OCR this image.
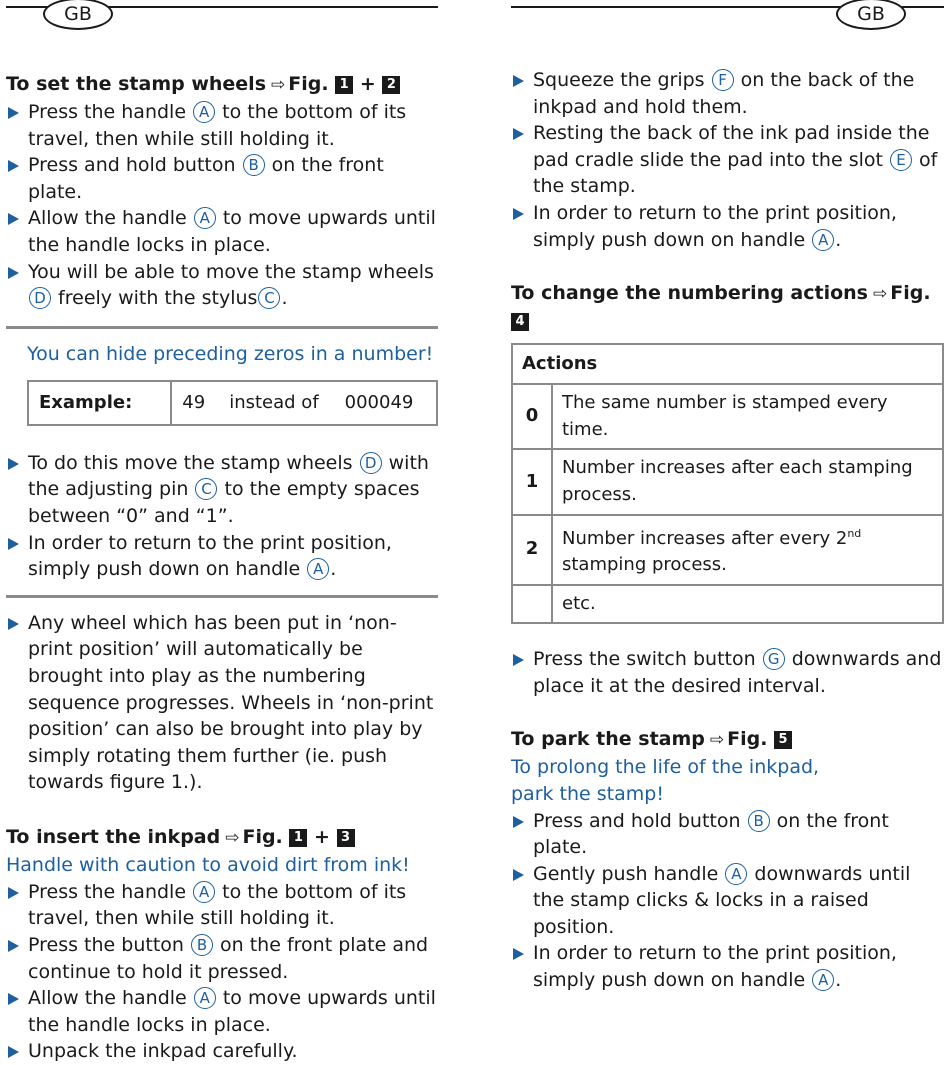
GB	GB

To set the stamp wheels ⇨ Fig. 1 + 2

Press the handle A to the bottom of its travel, then while still holding it.
Press and hold button B on the front plate.
Allow the handle A to move upwards until the handle locks in place.
You will be able to move the stamp wheels D freely with the stylus C .

You can hide preceding zeros in a number!

Example:	49 instead of 000049
To do this move the stamp wheels D with the adjusting pin C to the empty spaces between “0” and “1”.
In order to return to the print position, simply push down on handle A .
Any wheel which has been put in ‘non-print position’ will automatically be brought into play as the numbering sequence progresses. Wheels in ‘non-print position’ can also be brought into play by simply rotating them further (ie. push towards figure 1.).

To insert the inkpad ⇨ Fig. 1 + 3

Handle with caution to avoid dirt from ink!

Press the handle A to the bottom of its travel, then while still holding it.
Press the button B on the front plate and continue to hold it pressed.
Allow the handle A to move upwards until the handle locks in place.
Unpack the inkpad carefully.
Squeeze the grips F on the back of the inkpad and hold them.
Resting the back of the ink pad inside the pad cradle slide the pad into the slot E of the stamp.
In order to return to the print position, simply push down on handle A .

To change the numbering actions ⇨ Fig. 4

Actions	
0	The same number is stamped every time.
1	Number increases after each stamping process.
2	Number increases after every 2nd stamping process.
	etc.
Press the switch button G downwards and place it at the desired interval.

To park the stamp ⇨ Fig. 5

To prolong the life of the inkpad,

park the stamp!

Press and hold button B on the front plate.
Gently push handle A downwards until the stamp clicks & locks in a raised position.
In order to return to the print position, simply push down on handle A .
